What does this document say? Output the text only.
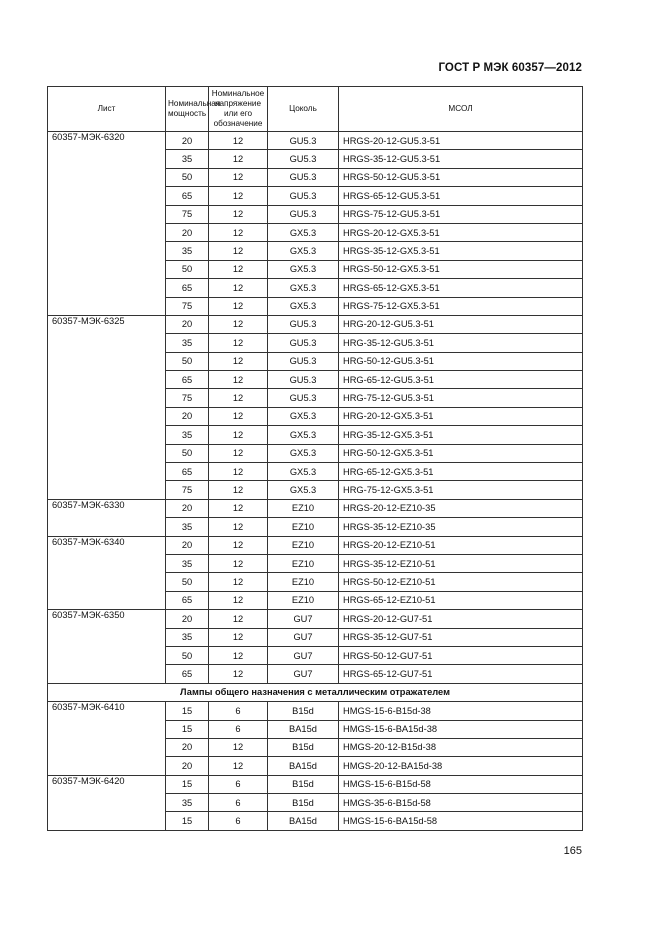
ГОСТ Р МЭК 60357—2012
Лист	Номинальная мощность	Номинальное напряжение или его обозначение	Цоколь	МСОЛ
60357-МЭК-6320	20	12	GU5.3	HRGS-20-12-GU5.3-51
	35	12	GU5.3	HRGS-35-12-GU5.3-51
	50	12	GU5.3	HRGS-50-12-GU5.3-51
	65	12	GU5.3	HRGS-65-12-GU5.3-51
	75	12	GU5.3	HRGS-75-12-GU5.3-51
	20	12	GX5.3	HRGS-20-12-GX5.3-51
	35	12	GX5.3	HRGS-35-12-GX5.3-51
	50	12	GX5.3	HRGS-50-12-GX5.3-51
	65	12	GX5.3	HRGS-65-12-GX5.3-51
	75	12	GX5.3	HRGS-75-12-GX5.3-51
60357-МЭК-6325	20	12	GU5.3	HRG-20-12-GU5.3-51
	35	12	GU5.3	HRG-35-12-GU5.3-51
	50	12	GU5.3	HRG-50-12-GU5.3-51
	65	12	GU5.3	HRG-65-12-GU5.3-51
	75	12	GU5.3	HRG-75-12-GU5.3-51
	20	12	GX5.3	HRG-20-12-GX5.3-51
	35	12	GX5.3	HRG-35-12-GX5.3-51
	50	12	GX5.3	HRG-50-12-GX5.3-51
	65	12	GX5.3	HRG-65-12-GX5.3-51
	75	12	GX5.3	HRG-75-12-GX5.3-51
60357-МЭК-6330	20	12	EZ10	HRGS-20-12-EZ10-35
	35	12	EZ10	HRGS-35-12-EZ10-35
60357-МЭК-6340	20	12	EZ10	HRGS-20-12-EZ10-51
	35	12	EZ10	HRGS-35-12-EZ10-51
	50	12	EZ10	HRGS-50-12-EZ10-51
	65	12	EZ10	HRGS-65-12-EZ10-51
60357-МЭК-6350	20	12	GU7	HRGS-20-12-GU7-51
	35	12	GU7	HRGS-35-12-GU7-51
	50	12	GU7	HRGS-50-12-GU7-51
	65	12	GU7	HRGS-65-12-GU7-51
Лампы общего назначения с металлическим отражателем				
60357-МЭК-6410	15	6	B15d	HMGS-15-6-B15d-38
	15	6	BA15d	HMGS-15-6-BA15d-38
	20	12	B15d	HMGS-20-12-B15d-38
	20	12	BA15d	HMGS-20-12-BA15d-38
60357-МЭК-6420	15	6	B15d	HMGS-15-6-B15d-58
	35	6	B15d	HMGS-35-6-B15d-58
	15	6	BA15d	HMGS-15-6-BA15d-58
165
